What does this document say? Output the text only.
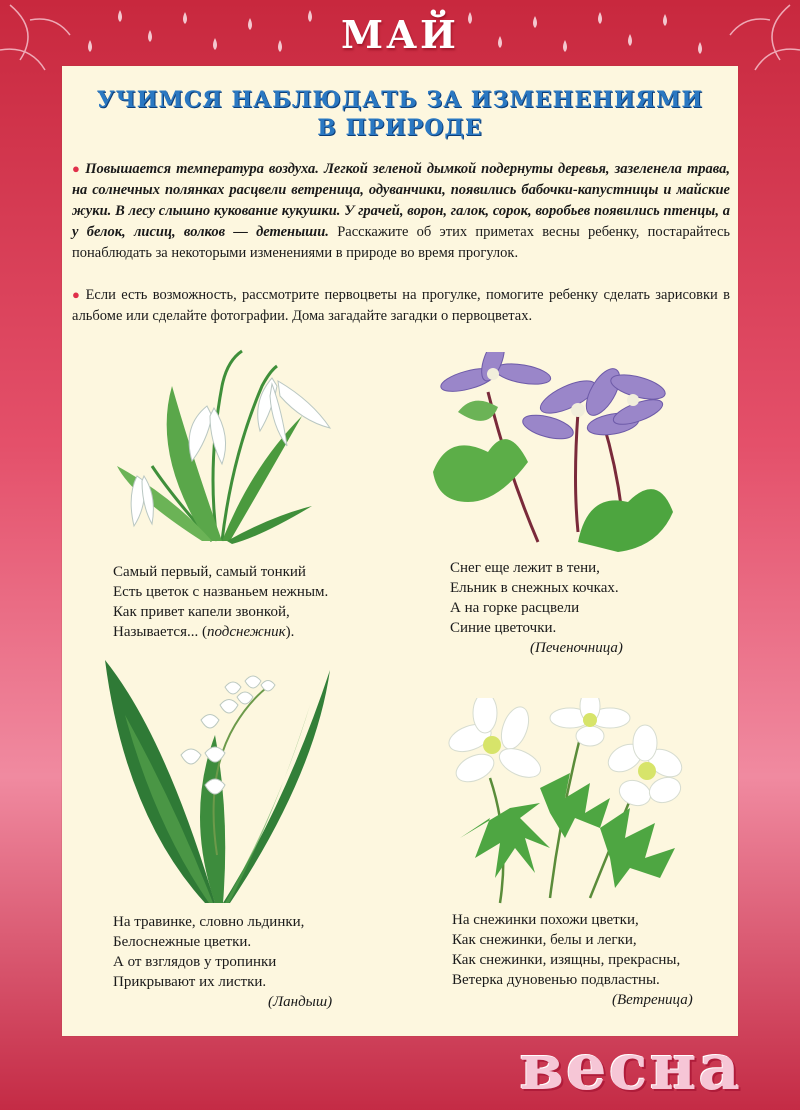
МАЙ
УЧИМСЯ НАБЛЮДАТЬ ЗА ИЗМЕНЕНИЯМИ
В ПРИРОДЕ
● Повышается температура воздуха. Легкой зеленой дымкой подернуты деревья, зазеленела трава, на солнечных полянках расцвели ветреница, одуванчики, появились бабочки-капустницы и майские жуки. В лесу слышно кукование кукушки. У грачей, ворон, галок, сорок, воробьев появились птенцы, а у белок, лисиц, волков — детеныши. Расскажите об этих приметах весны ребенку, постарайтесь понаблюдать за некоторыми изменениями в природе во время прогулок.
● Если есть возможность, рассмотрите первоцветы на прогулке, помогите ребенку сделать зарисовки в альбоме или сделайте фотографии. Дома загадайте загадки о первоцветах.
Самый первый, самый тонкий
Есть цветок с названьем нежным.
Как привет капели звонкой,
Называется... (подснежник).
Снег еще лежит в тени,
Ельник в снежных кочках.
А на горке расцвели
Синие цветочки.
(Печеночница)
На травинке, словно льдинки,
Белоснежные цветки.
А от взглядов у тропинки
Прикрывают их листки.
(Ландыш)
На снежинки похожи цветки,
Как снежинки, белы и легки,
Как снежинки, изящны, прекрасны,
Ветерка дуновенью подвластны.
(Ветреница)
весна
